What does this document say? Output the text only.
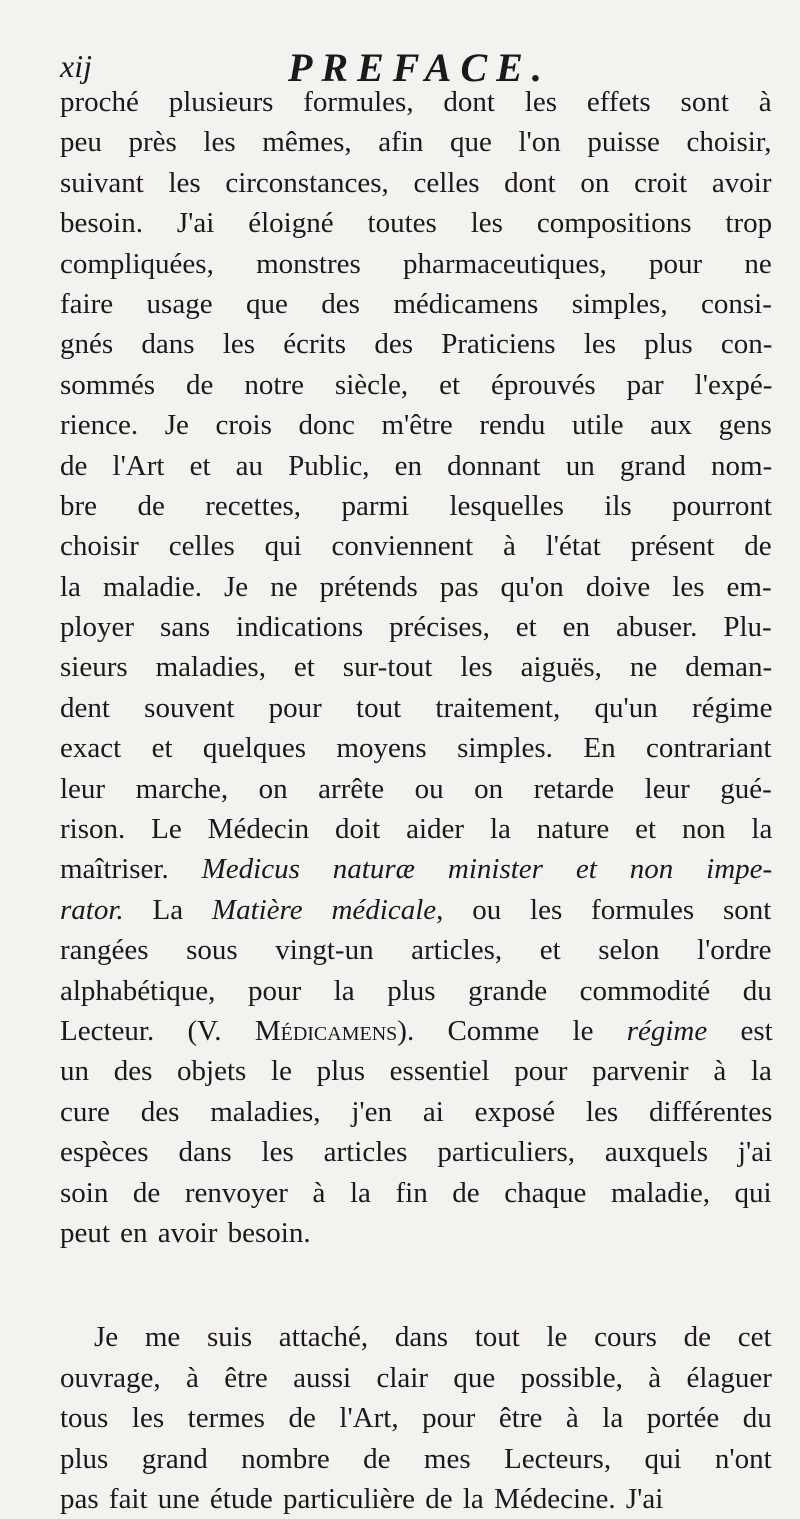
xij	PREFACE.
proché plusieurs formules, dont les effets sont à
peu près les mêmes, afin que l'on puisse choisir,
suivant les circonstances, celles dont on croit avoir
besoin. J'ai éloigné toutes les compositions trop
compliquées, monstres pharmaceutiques, pour ne
faire usage que des médicamens simples, consi-
gnés dans les écrits des Praticiens les plus con-
sommés de notre siècle, et éprouvés par l'expé-
rience. Je crois donc m'être rendu utile aux gens
de l'Art et au Public, en donnant un grand nom-
bre de recettes, parmi lesquelles ils pourront
choisir celles qui conviennent à l'état présent de
la maladie. Je ne prétends pas qu'on doive les em-
ployer sans indications précises, et en abuser. Plu-
sieurs maladies, et sur-tout les aiguës, ne deman-
dent souvent pour tout traitement, qu'un régime
exact et quelques moyens simples. En contrariant
leur marche, on arrête ou on retarde leur gué-
rison. Le Médecin doit aider la nature et non la
maîtriser. Medicus naturæ minister et non impe-
rator. La Matière médicale , ou les formules sont
rangées sous vingt-un articles, et selon l'ordre
alphabétique, pour la plus grande commodité du
Lecteur. (V. Médicamens ). Comme le régime est
un des objets le plus essentiel pour parvenir à la
cure des maladies, j'en ai exposé les différentes
espèces dans les articles particuliers, auxquels j'ai
soin de renvoyer à la fin de chaque maladie, qui
peut en avoir besoin.
Je me suis attaché, dans tout le cours de cet
ouvrage, à être aussi clair que possible, à élaguer
tous les termes de l'Art, pour être à la portée du
plus grand nombre de mes Lecteurs, qui n'ont
pas fait une étude particulière de la Médecine. J'ai
